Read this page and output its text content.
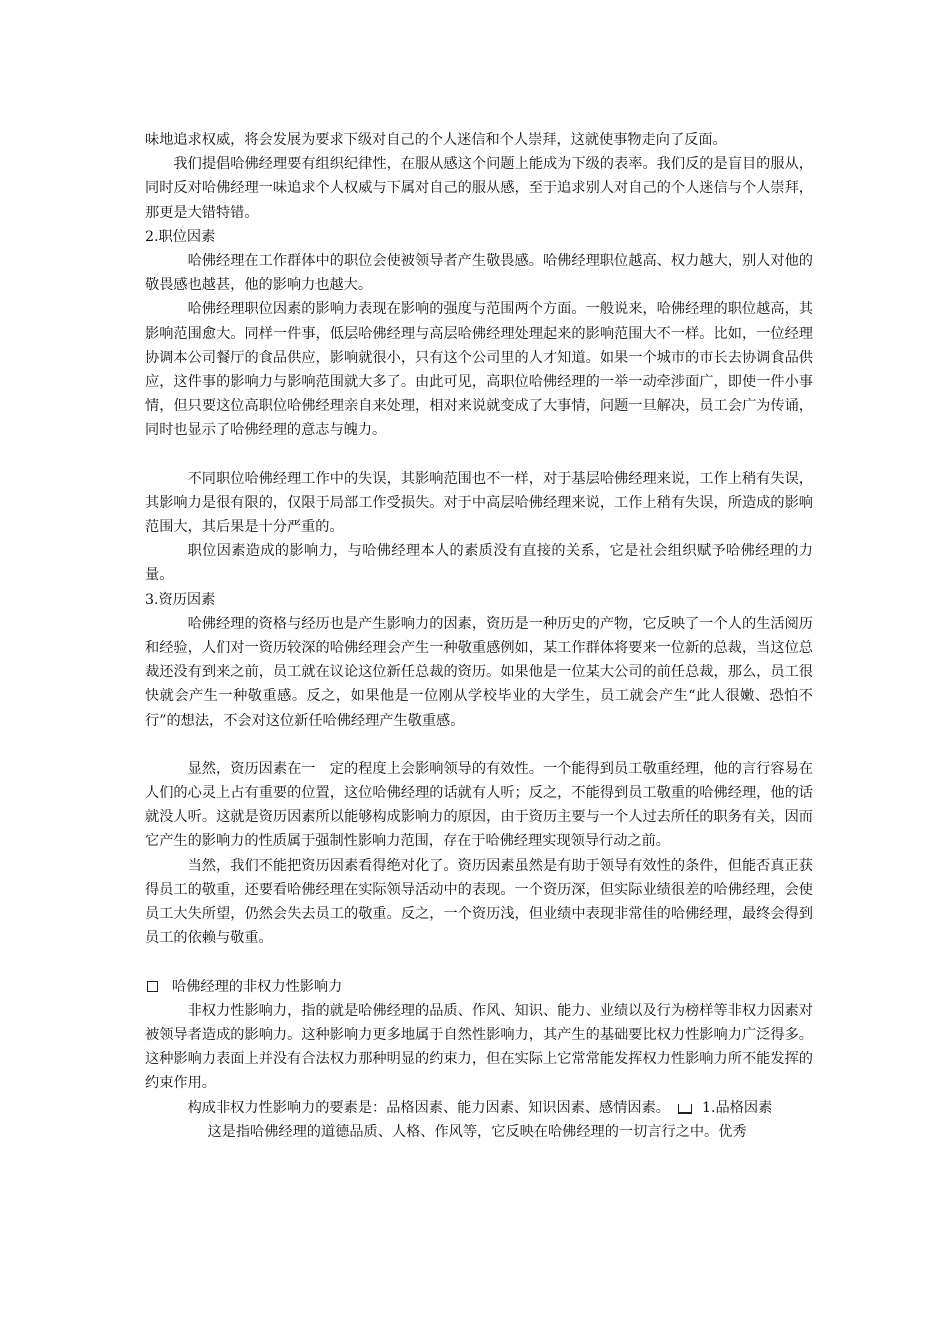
味地追求权威，将会发展为要求下级对自己的个人迷信和个人崇拜，这就使事物走向了反面。

我们提倡哈佛经理要有组织纪律性，在服从感这个问题上能成为下级的表率。我们反的是盲目的服从，同时反对哈佛经理一味追求个人权威与下属对自己的服从感，至于追求别人对自己的个人迷信与个人崇拜，那更是大错特错。

2.职位因素

哈佛经理在工作群体中的职位会使被领导者产生敬畏感。哈佛经理职位越高、权力越大，别人对他的敬畏感也越甚，他的影响力也越大。

哈佛经理职位因素的影响力表现在影响的强度与范围两个方面。一般说来，哈佛经理的职位越高，其影响范围愈大。同样一件事，低层哈佛经理与高层哈佛经理处理起来的影响范围大不一样。比如，一位经理协调本公司餐厅的食品供应，影响就很小，只有这个公司里的人才知道。如果一个城市的市长去协调食品供应，这件事的影响力与影响范围就大多了。由此可见，高职位哈佛经理的一举一动牵涉面广，即使一件小事情，但只要这位高职位哈佛经理亲自来处理，相对来说就变成了大事情，问题一旦解决，员工会广为传诵，同时也显示了哈佛经理的意志与魄力。

不同职位哈佛经理工作中的失误，其影响范围也不一样，对于基层哈佛经理来说，工作上稍有失误，其影响力是很有限的，仅限于局部工作受损失。对于中高层哈佛经理来说，工作上稍有失误，所造成的影响范围大，其后果是十分严重的。

职位因素造成的影响力，与哈佛经理本人的素质没有直接的关系，它是社会组织赋予哈佛经理的力量。

3.资历因素

哈佛经理的资格与经历也是产生影响力的因素，资历是一种历史的产物，它反映了一个人的生活阅历和经验，人们对一资历较深的哈佛经理会产生一种敬重感例如，某工作群体将要来一位新的总裁，当这位总裁还没有到来之前，员工就在议论这位新任总裁的资历。如果他是一位某大公司的前任总裁，那么，员工很快就会产生一种敬重感。反之，如果他是一位刚从学校毕业的大学生，员工就会产生“此人很嫩、恐怕不行”的想法，不会对这位新任哈佛经理产生敬重感。

显然，资历因素在一　定的程度上会影响领导的有效性。一个能得到员工敬重经理，他的言行容易在人们的心灵上占有重要的位置，这位哈佛经理的话就有人听；反之，不能得到员工敬重的哈佛经理，他的话就没人听。这就是资历因素所以能够构成影响力的原因，由于资历主要与一个人过去所任的职务有关，因而它产生的影响力的性质属于强制性影响力范围，存在于哈佛经理实现领导行动之前。

当然，我们不能把资历因素看得绝对化了。资历因素虽然是有助于领导有效性的条件，但能否真正获得员工的敬重，还要看哈佛经理在实际领导活动中的表现。一个资历深，但实际业绩很差的哈佛经理，会使员工大失所望，仍然会失去员工的敬重。反之，一个资历浅，但业绩中表现非常佳的哈佛经理，最终会得到员工的依赖与敬重。

哈佛经理的非权力性影响力

非权力性影响力，指的就是哈佛经理的品质、作风、知识、能力、业绩以及行为榜样等非权力因素对被领导者造成的影响力。这种影响力更多地属于自然性影响力，其产生的基础要比权力性影响力广泛得多。这种影响力表面上并没有合法权力那种明显的约束力，但在实际上它常常能发挥权力性影响力所不能发挥的约束作用。

构成非权力性影响力的要素是：品格因素、能力因素、知识因素、感情因素。 1.品格因素

这是指哈佛经理的道德品质、人格、作风等，它反映在哈佛经理的一切言行之中。优秀
